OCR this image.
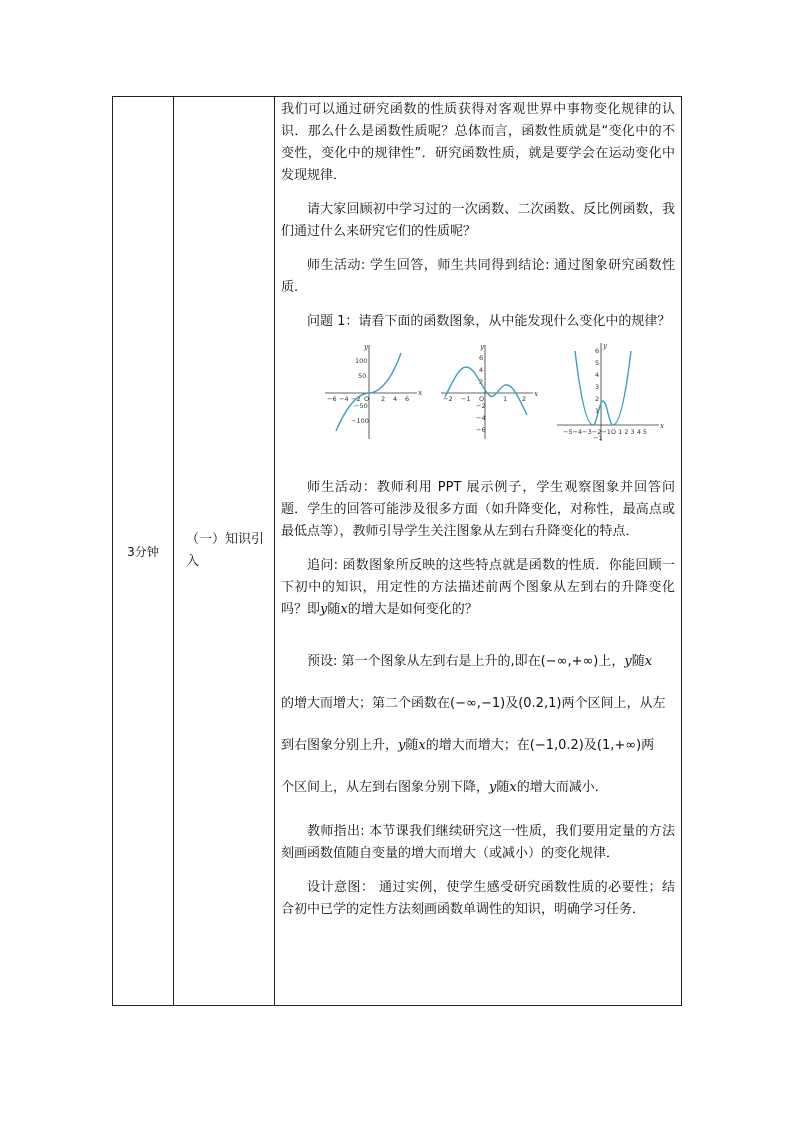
3分钟	（一）知识引入	

我们可以通过研究函数的性质获得对客观世界中事物变化规律的认识．那么什么是函数性质呢？总体而言，函数性质就是“变化中的不变性，变化中的规律性”．研究函数性质，就是要学会在运动变化中发现规律．

请大家回顾初中学习过的一次函数、二次函数、反比例函数，我们通过什么来研究它们的性质呢？

师生活动: 学生回答，师生共同得到结论: 通过图象研究函数性质.

问题 1：请看下面的函数图象，从中能发现什么变化中的规律？

x
y
−6 −4 −2 O 2 4 6
100
50
−50
−100
x
y
−2 −1 O	1 2
6
4
2
−2
−4
−6	x
y
−5−4−3−2−1O 1 2 3 4 5
6
5
4
3
2
1
−1

师生活动：教师利用 PPT 展示例子，学生观察图象并回答问题．学生的回答可能涉及很多方面（如升降变化，对称性，最高点或最低点等），教师引导学生关注图象从左到右升降变化的特点．

追问: 函数图象所反映的这些特点就是函数的性质．你能回顾一下初中的知识，用定性的方法描述前两个图象从左到右的升降变化吗？即y随x的增大是如何变化的？

预设: 第一个图象从左到右是上升的,即在(−∞,+∞)上，y随x

的增大而增大；第二个函数在(−∞,−1)及(0.2,1)两个区间上，从左

到右图象分别上升，y随x的增大而增大；在(−1,0.2)及(1,+∞)两

个区间上，从左到右图象分别下降，y随x的增大而减小．

教师指出: 本节课我们继续研究这一性质，我们要用定量的方法刻画函数值随自变量的增大而增大（或减小）的变化规律．

设计意图： 通过实例，使学生感受研究函数性质的必要性；结合初中已学的定性方法刻画函数单调性的知识，明确学习任务．
